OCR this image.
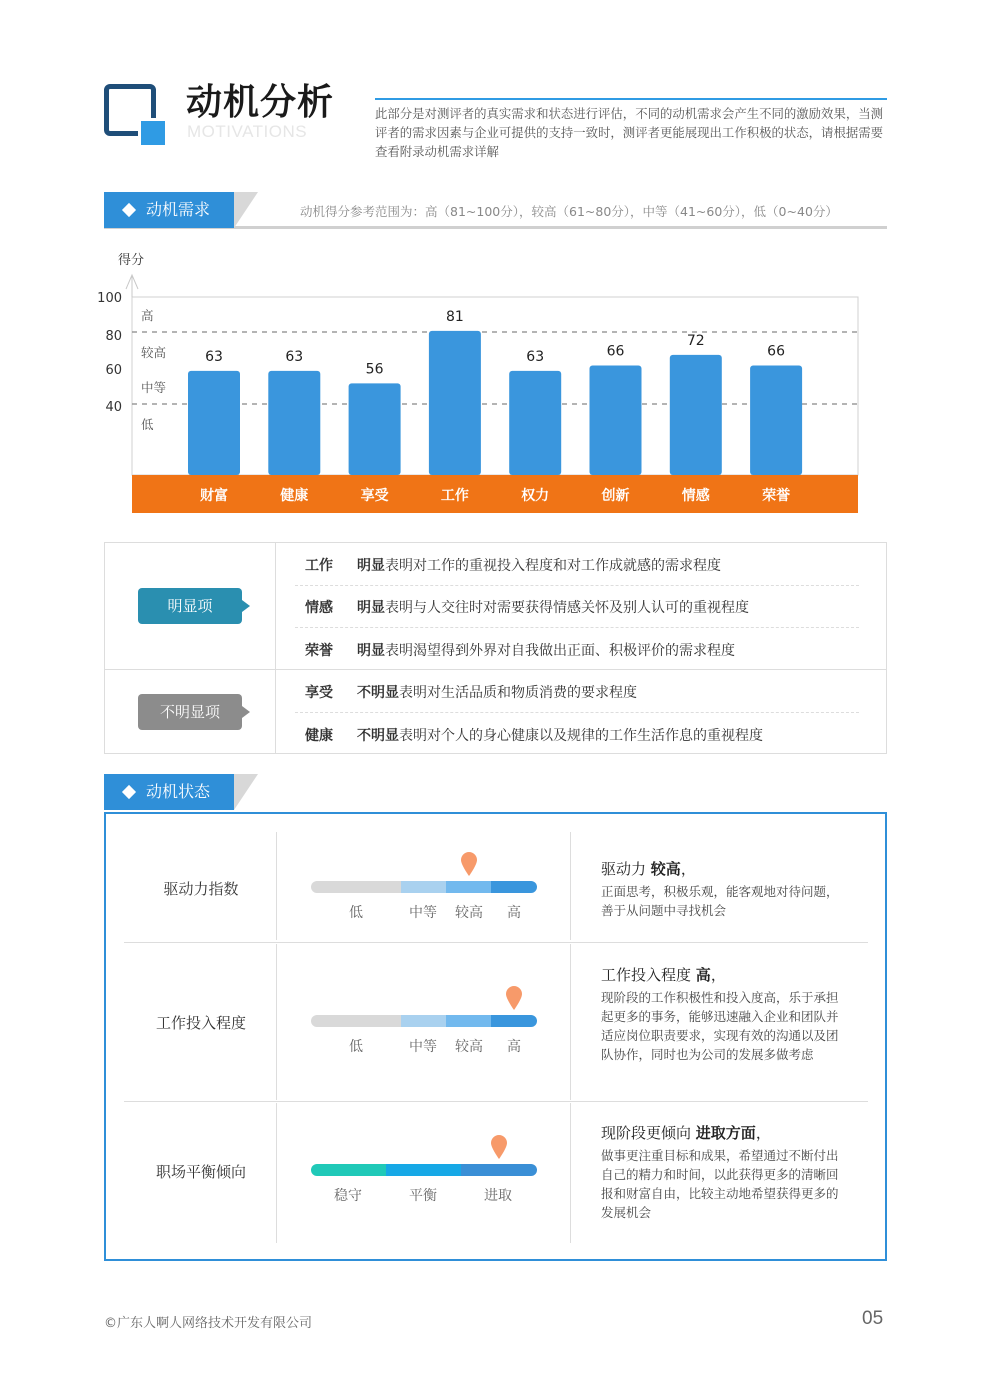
动机分析
MOTIVATIONS
此部分是对测评者的真实需求和状态进行评估，不同的动机需求会产生不同的激励效果，当测评者的需求因素与企业可提供的支持一致时，测评者更能展现出工作积极的状态，请根据需要查看附录动机需求详解
动机需求	动机得分参考范围为：高（81~100分），较高（61~80分），中等（41~60分），低（0~40分）
得分
40
60
80
100
高
较高
中等
低
63
财富
63
健康
56
享受
81
工作
63
权力
66
创新
72
情感
66
荣誉
明显项
不明显项
工作 明显表明对工作的重视投入程度和对工作成就感的需求程度
情感 明显表明与人交往时对需要获得情感关怀及别人认可的重视程度
荣誉 明显表明渴望得到外界对自我做出正面、积极评价的需求程度
享受 不明显表明对生活品质和物质消费的要求程度
健康 不明显表明对个人的身心健康以及规律的工作生活作息的重视程度
动机状态
驱动力指数
低	中等 较高 高
驱动力 较高，
正面思考，积极乐观，能客观地对待问题，善于从问题中寻找机会
工作投入程度
低	中等 较高 高
工作投入程度 高，
现阶段的工作积极性和投入度高，乐于承担起更多的事务，能够迅速融入企业和团队并适应岗位职责要求，实现有效的沟通以及团队协作，同时也为公司的发展多做考虑
职场平衡倾向
稳守	平衡	进取
现阶段更倾向 进取方面，
做事更注重目标和成果，希望通过不断付出自己的精力和时间，以此获得更多的清晰回报和财富自由，比较主动地希望获得更多的发展机会
©广东人啊人网络技术开发有限公司	05
